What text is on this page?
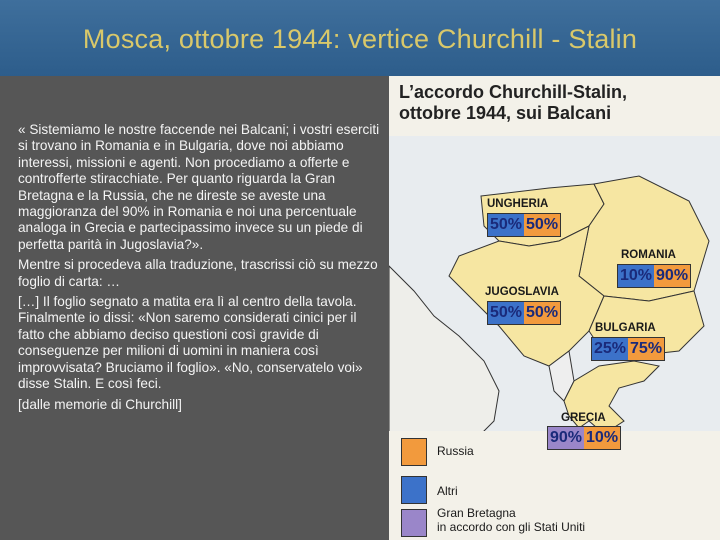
Mosca, ottobre 1944: vertice Churchill - Stalin

« Sistemiamo le nostre faccende nei Balcani; i vostri eserciti si trovano in Romania e in Bulgaria, dove noi abbiamo interessi, missioni e agenti. Non procediamo a offerte e controfferte stiracchiate. Per quanto riguarda la Gran Bretagna e la Russia, che ne direste se aveste una maggioranza del 90% in Romania e noi una percentuale analoga in Grecia e partecipassimo invece su un piede di perfetta parità in Jugoslavia?».

Mentre si procedeva alla traduzione, trascrissi ciò su mezzo foglio di carta: …

[…] Il foglio segnato a matita era lì al centro della tavola. Finalmente io dissi: «Non saremo considerati cinici per il fatto che abbiamo deciso questioni così gravide di conseguenze per milioni di uomini in maniera così improvvisata? Bruciamo il foglio». «No, conservatelo voi» disse Stalin. E così feci.

[dalle memorie di Churchill]

L’accordo Churchill-Stalin,
ottobre 1944, sui Balcani
UNGHERIA
50% 50%
ROMANIA
10% 90%
JUGOSLAVIA
50% 50%
BULGARIA
25% 75%
GRECIA
90% 10%
Russia
Altri
Gran Bretagna
in accordo con gli Stati Uniti
